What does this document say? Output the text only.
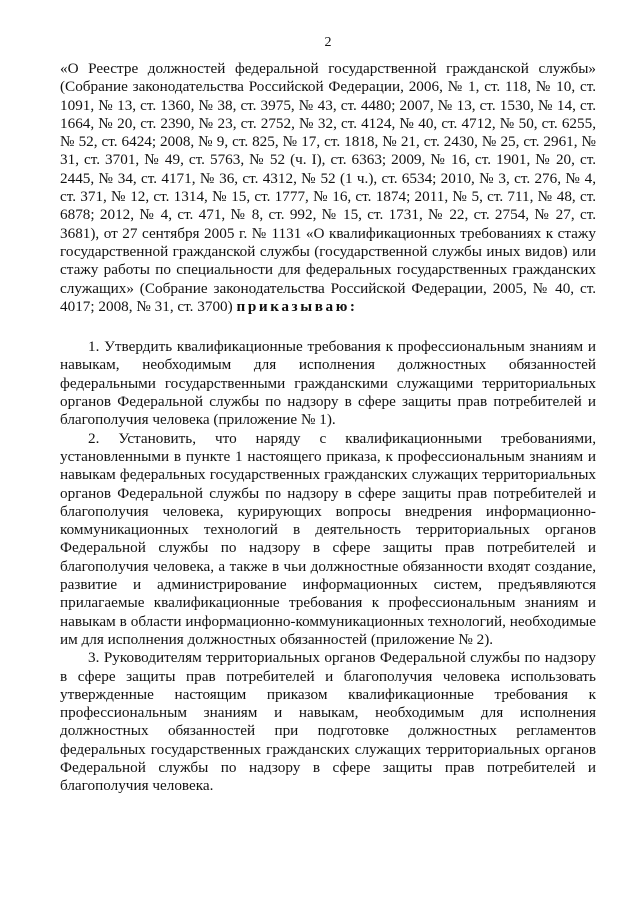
2

«О Реестре должностей федеральной государственной гражданской службы» (Собрание законодательства Российской Федерации, 2006, № 1, ст. 118, № 10, ст. 1091, № 13, ст. 1360, № 38, ст. 3975, № 43, ст. 4480; 2007, № 13, ст. 1530, № 14, ст. 1664, № 20, ст. 2390, № 23, ст. 2752, № 32, ст. 4124, № 40, ст. 4712, № 50, ст. 6255, № 52, ст. 6424; 2008, № 9, ст. 825, № 17, ст. 1818, № 21, ст. 2430, № 25, ст. 2961, № 31, ст. 3701, № 49, ст. 5763, № 52 (ч. I), ст. 6363; 2009, № 16, ст. 1901, № 20, ст. 2445, № 34, ст. 4171, № 36, ст. 4312, № 52 (1 ч.), ст. 6534; 2010, № 3, ст. 276, № 4, ст. 371, № 12, ст. 1314, № 15, ст. 1777, № 16, ст. 1874; 2011, № 5, ст. 711, № 48, ст. 6878; 2012, № 4, ст. 471, № 8, ст. 992, № 15, ст. 1731, № 22, ст. 2754, № 27, ст. 3681), от 27 сентября 2005 г. № 1131 «О квалификационных требованиях к стажу государственной гражданской службы (государственной службы иных видов) или стажу работы по специальности для федеральных государственных гражданских служащих» (Собрание законодательства Российской Федерации, 2005, № 40, ст. 4017; 2008, № 31, ст. 3700) приказываю:

1. Утвердить квалификационные требования к профессиональным знаниям и навыкам, необходимым для исполнения должностных обязанностей федеральными государственными гражданскими служащими территориальных органов Федеральной службы по надзору в сфере защиты прав потребителей и благополучия человека (приложение № 1).

2. Установить, что наряду с квалификационными требованиями, установленными в пункте 1 настоящего приказа, к профессиональным знаниям и навыкам федеральных государственных гражданских служащих территориальных органов Федеральной службы по надзору в сфере защиты прав потребителей и благополучия человека, курирующих вопросы внедрения информационно-коммуникационных технологий в деятельность территориальных органов Федеральной службы по надзору в сфере защиты прав потребителей и благополучия человека, а также в чьи должностные обязанности входят создание, развитие и администрирование информационных систем, предъявляются прилагаемые квалификационные требования к профессиональным знаниям и навыкам в области информационно-коммуникационных технологий, необходимые им для исполнения должностных обязанностей (приложение № 2).

3. Руководителям территориальных органов Федеральной службы по надзору в сфере защиты прав потребителей и благополучия человека использовать утвержденные настоящим приказом квалификационные требования к профессиональным знаниям и навыкам, необходимым для исполнения должностных обязанностей при подготовке должностных регламентов федеральных государственных гражданских служащих территориальных органов Федеральной службы по надзору в сфере защиты прав потребителей и благополучия человека.
